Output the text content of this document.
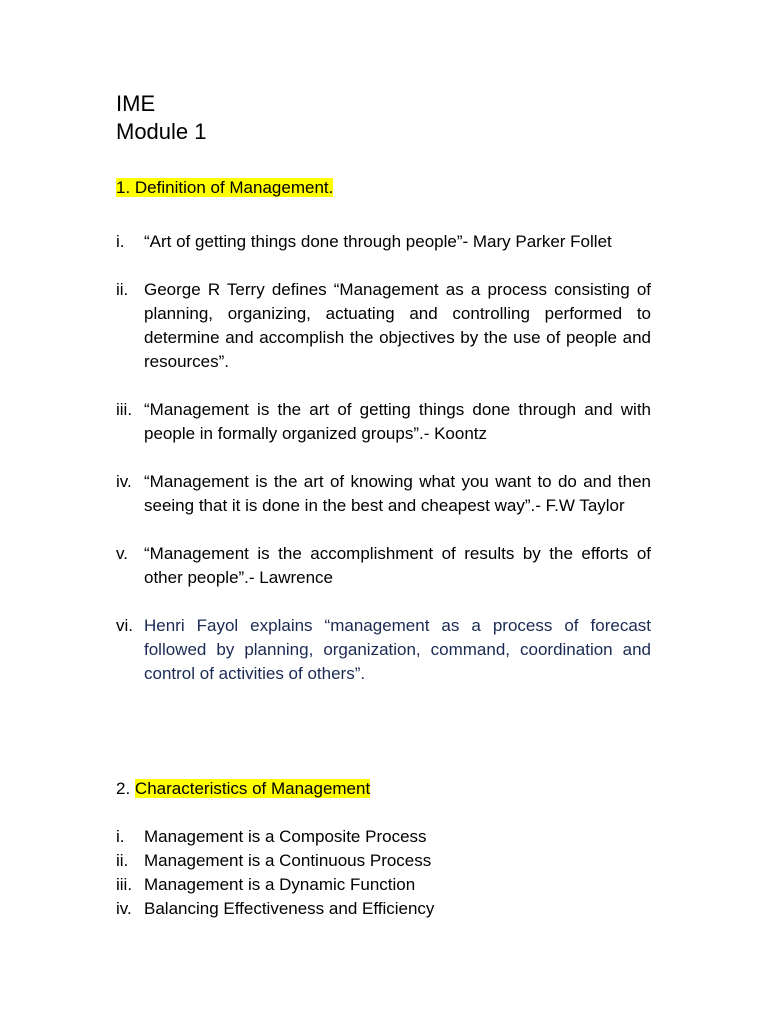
IME
Module 1
1. Definition of Management.
i. “Art of getting things done through people”- Mary Parker Follet
ii. George R Terry defines “Management as a process consisting of planning, organizing, actuating and controlling performed to determine and accomplish the objectives by the use of people and resources”.
iii. “Management is the art of getting things done through and with people in formally organized groups”.- Koontz
iv. “Management is the art of knowing what you want to do and then seeing that it is done in the best and cheapest way”.- F.W Taylor
v. “Management is the accomplishment of results by the efforts of other people”.- Lawrence
vi. Henri Fayol explains “management as a process of forecast followed by planning, organization, command, coordination and control of activities of others”.
2. Characteristics of Management
i. Management is a Composite Process
ii. Management is a Continuous Process
iii. Management is a Dynamic Function
iv. Balancing Effectiveness and Efficiency
